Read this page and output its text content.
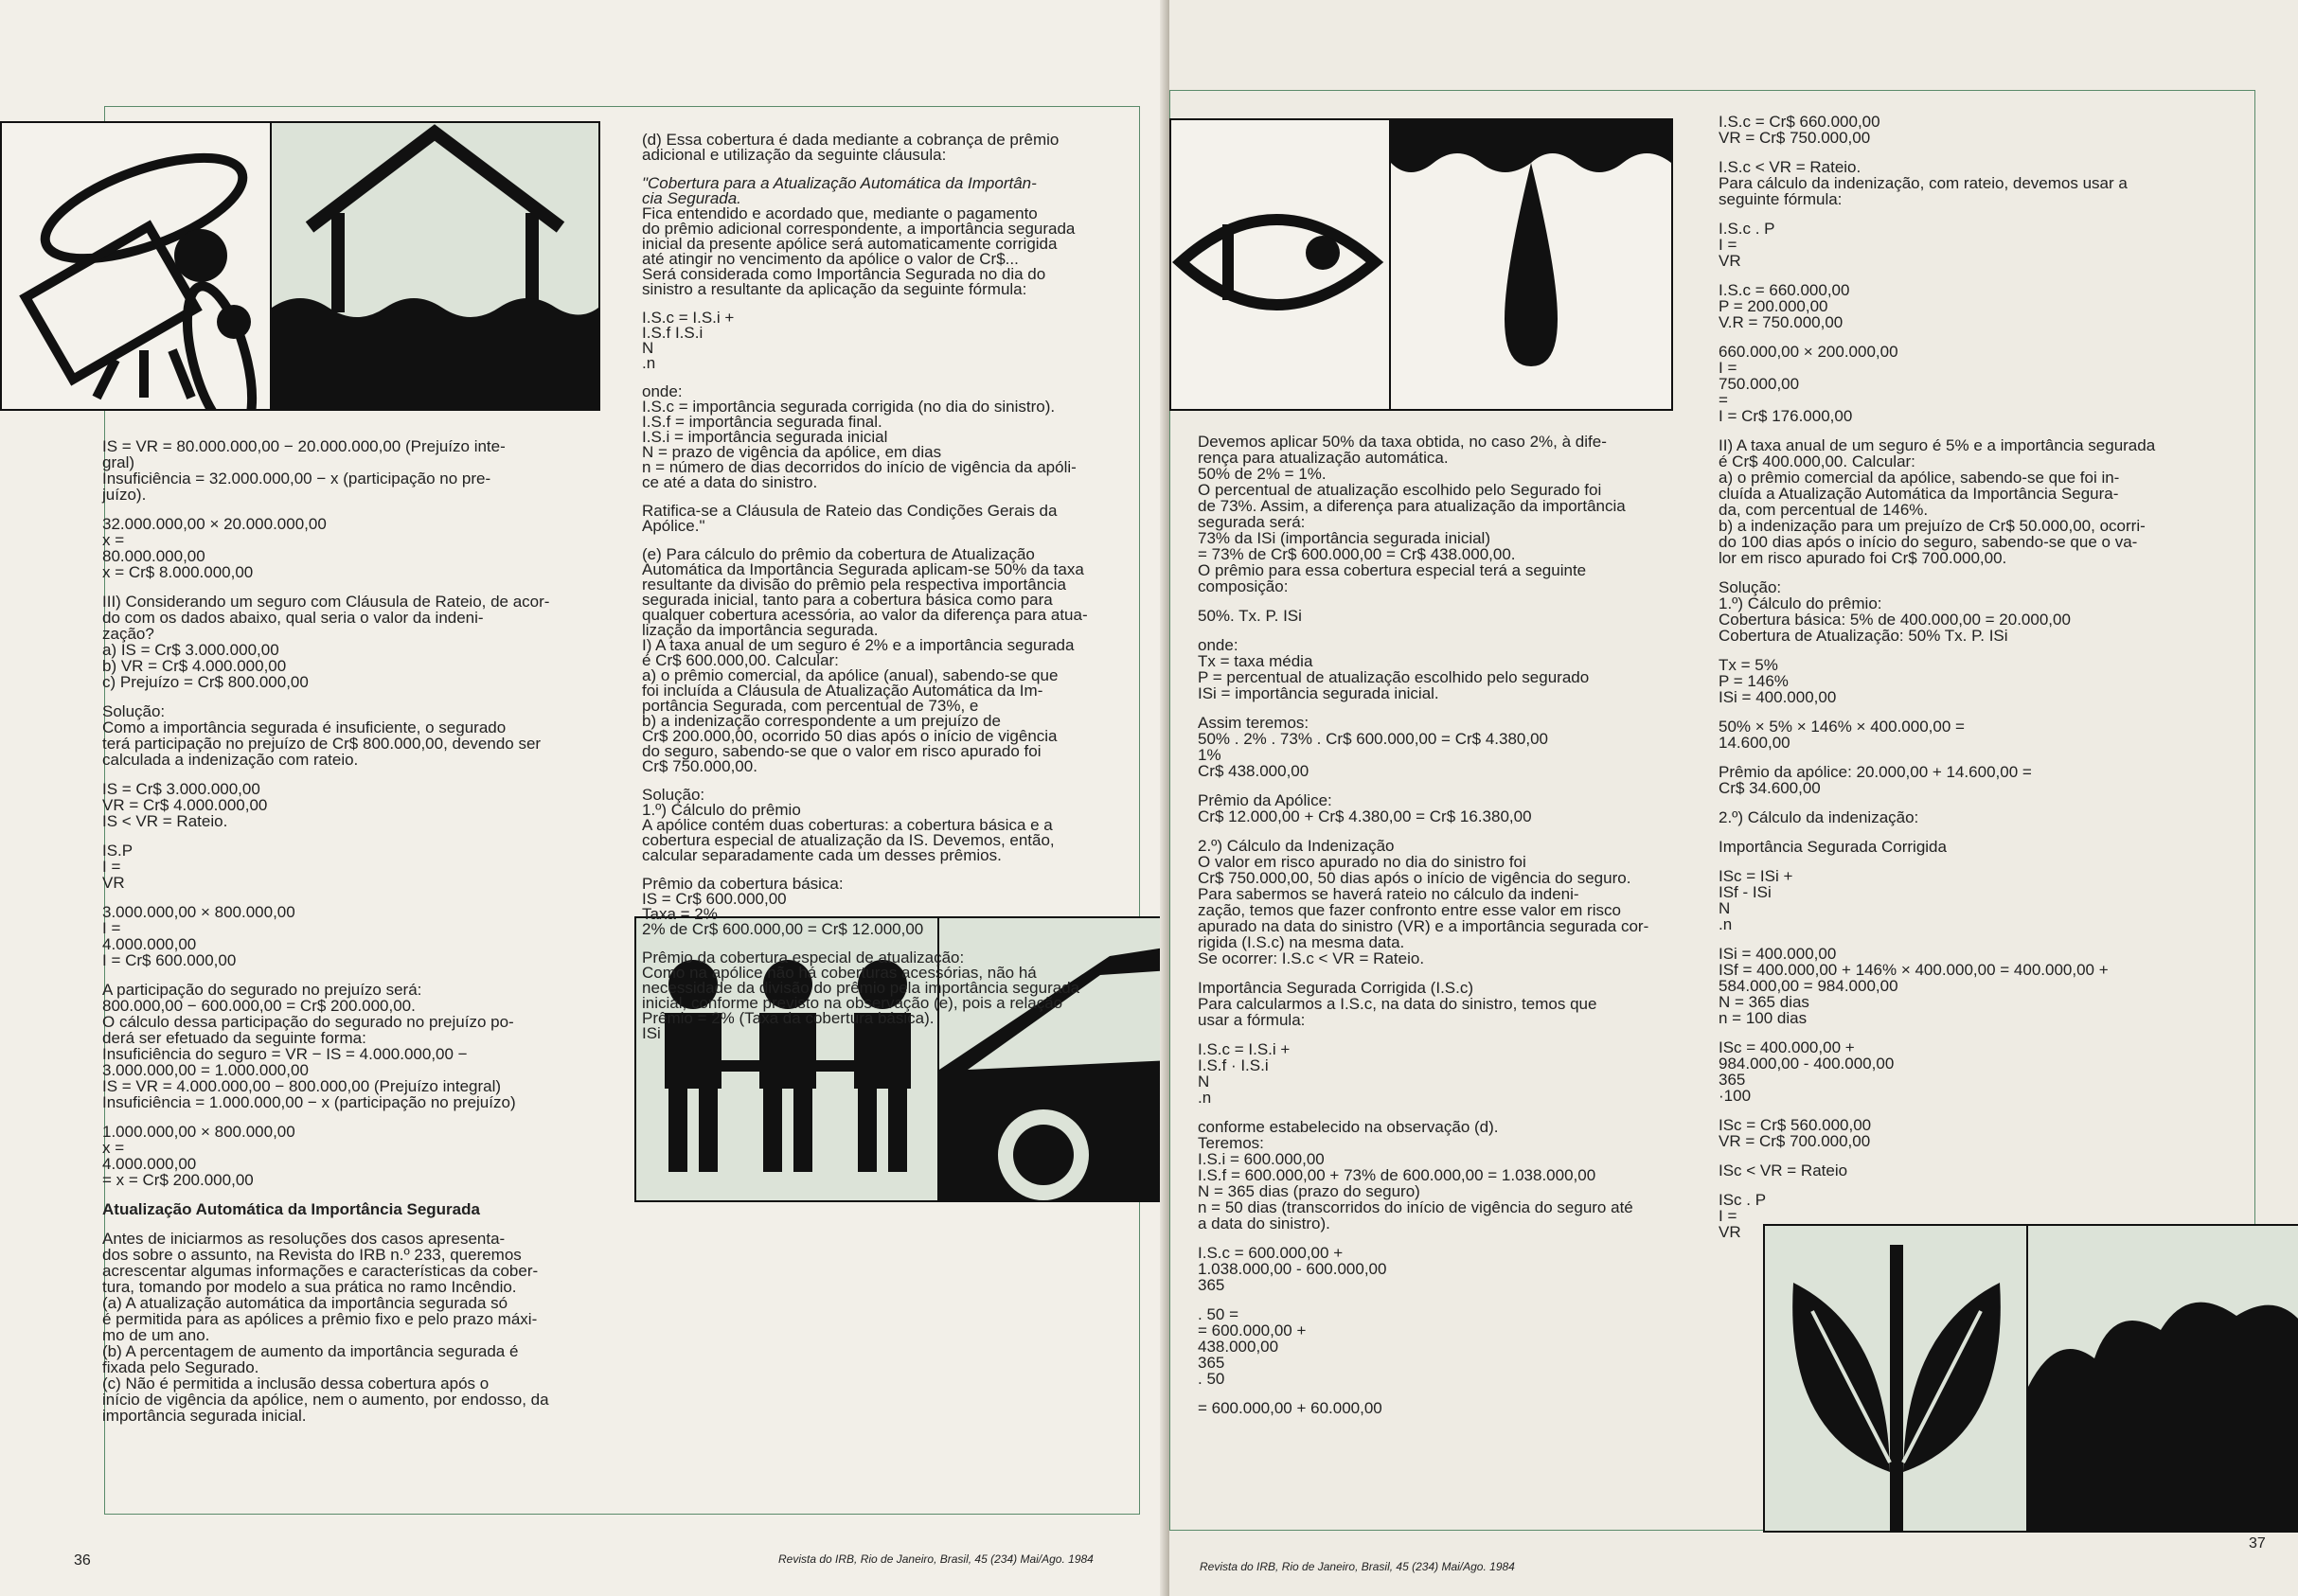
IS = VR = 80.000.000,00 − 20.000.000,00 (Prejuízo inte-
gral)
Insuficiência = 32.000.000,00 − x (participação no pre-
juízo).
32.000.000,00 × 20.000.000,00
x =
80.000.000,00
x = Cr$ 8.000.000,00
III) Considerando um seguro com Cláusula de Rateio, de acor-
do com os dados abaixo, qual seria o valor da indeni-
zação?
a) IS = Cr$ 3.000.000,00
b) VR = Cr$ 4.000.000,00
c) Prejuízo = Cr$ 800.000,00
Solução:
Como a importância segurada é insuficiente, o segurado
terá participação no prejuízo de Cr$ 800.000,00, devendo ser
calculada a indenização com rateio.
IS = Cr$ 3.000.000,00
VR = Cr$ 4.000.000,00
IS < VR = Rateio.
IS.P
I =
VR
3.000.000,00 × 800.000,00
I =
4.000.000,00
I = Cr$ 600.000,00
A participação do segurado no prejuízo será:
800.000,00 − 600.000,00 = Cr$ 200.000,00.
O cálculo dessa participação do segurado no prejuízo po-
derá ser efetuado da seguinte forma:
Insuficiência do seguro = VR − IS = 4.000.000,00 −
3.000.000,00 = 1.000.000,00
IS = VR = 4.000.000,00 − 800.000,00 (Prejuízo integral)
Insuficiência = 1.000.000,00 − x (participação no prejuízo)
1.000.000,00 × 800.000,00
x =
4.000.000,00
= x = Cr$ 200.000,00
Atualização Automática da Importância Segurada
Antes de iniciarmos as resoluções dos casos apresenta-
dos sobre o assunto, na Revista do IRB n.º 233, queremos
acrescentar algumas informações e características da cober-
tura, tomando por modelo a sua prática no ramo Incêndio.
(a) A atualização automática da importância segurada só
é permitida para as apólices a prêmio fixo e pelo prazo máxi-
mo de um ano.
(b) A percentagem de aumento da importância segurada é
fixada pelo Segurado.
(c) Não é permitida a inclusão dessa cobertura após o
início de vigência da apólice, nem o aumento, por endosso, da
importância segurada inicial.
(d) Essa cobertura é dada mediante a cobrança de prêmio
adicional e utilização da seguinte cláusula:
"Cobertura para a Atualização Automática da Importân-
cia Segurada.
Fica entendido e acordado que, mediante o pagamento
do prêmio adicional correspondente, a importância segurada
inicial da presente apólice será automaticamente corrigida
até atingir no vencimento da apólice o valor de Cr$...
Será considerada como Importância Segurada no dia do
sinistro a resultante da aplicação da seguinte fórmula:
I.S.c = I.S.i +
I.S.f I.S.i
N
.n
onde:
I.S.c = importância segurada corrigida (no dia do sinistro).
I.S.f = importância segurada final.
I.S.i = importância segurada inicial
N = prazo de vigência da apólice, em dias
n = número de dias decorridos do início de vigência da apóli-
ce até a data do sinistro.
Ratifica-se a Cláusula de Rateio das Condições Gerais da
Apólice."
(e) Para cálculo do prêmio da cobertura de Atualização
Automática da Importância Segurada aplicam-se 50% da taxa
resultante da divisão do prêmio pela respectiva importância
segurada inicial, tanto para a cobertura básica como para
qualquer cobertura acessória, ao valor da diferença para atua-
lização da importância segurada.
I) A taxa anual de um seguro é 2% e a importância segurada
é Cr$ 600.000,00. Calcular:
a) o prêmio comercial, da apólice (anual), sabendo-se que
foi incluída a Cláusula de Atualização Automática da Im-
portância Segurada, com percentual de 73%, e
b) a indenização correspondente a um prejuízo de
Cr$ 200.000,00, ocorrido 50 dias após o início de vigência
do seguro, sabendo-se que o valor em risco apurado foi
Cr$ 750.000,00.
Solução:
1.º) Cálculo do prêmio
A apólice contém duas coberturas: a cobertura básica e a
cobertura especial de atualização da IS. Devemos, então,
calcular separadamente cada um desses prêmios.
Prêmio da cobertura básica:
IS = Cr$ 600.000,00
Taxa = 2%
2% de Cr$ 600.000,00 = Cr$ 12.000,00
Prêmio da cobertura especial de atualização:
Como na apólice não há coberturas acessórias, não há
necessidade da divisão do prêmio pela importância segurada
inicial, conforme previsto na observação (e), pois a relação
Prêmio = 2% (Taxa da cobertura básica).
ISi
36	Revista do IRB, Rio de Janeiro, Brasil, 45 (234) Mai/Ago. 1984
Devemos aplicar 50% da taxa obtida, no caso 2%, à dife-
rença para atualização automática.
50% de 2% = 1%.
O percentual de atualização escolhido pelo Segurado foi
de 73%. Assim, a diferença para atualização da importância
segurada será:
73% da ISi (importância segurada inicial)
= 73% de Cr$ 600.000,00 = Cr$ 438.000,00.
O prêmio para essa cobertura especial terá a seguinte
composição:
50%. Tx. P. ISi
onde:
Tx = taxa média
P = percentual de atualização escolhido pelo segurado
ISi = importância segurada inicial.
Assim teremos:
50% . 2% . 73% . Cr$ 600.000,00 = Cr$ 4.380,00
1%
Cr$ 438.000,00
Prêmio da Apólice:
Cr$ 12.000,00 + Cr$ 4.380,00 = Cr$ 16.380,00
2.º) Cálculo da Indenização
O valor em risco apurado no dia do sinistro foi
Cr$ 750.000,00, 50 dias após o início de vigência do seguro.
Para sabermos se haverá rateio no cálculo da indeni-
zação, temos que fazer confronto entre esse valor em risco
apurado na data do sinistro (VR) e a importância segurada cor-
rigida (I.S.c) na mesma data.
Se ocorrer: I.S.c < VR = Rateio.
Importância Segurada Corrigida (I.S.c)
Para calcularmos a I.S.c, na data do sinistro, temos que
usar a fórmula:
I.S.c = I.S.i +
I.S.f · I.S.i
N
.n
conforme estabelecido na observação (d).
Teremos:
I.S.i = 600.000,00
I.S.f = 600.000,00 + 73% de 600.000,00 = 1.038.000,00
N = 365 dias (prazo do seguro)
n = 50 dias (transcorridos do início de vigência do seguro até
a data do sinistro).
I.S.c = 600.000,00 +
1.038.000,00 - 600.000,00
365
. 50 =
= 600.000,00 +
438.000,00
365
. 50
= 600.000,00 + 60.000,00
I.S.c = Cr$ 660.000,00
VR = Cr$ 750.000,00
I.S.c < VR = Rateio.
Para cálculo da indenização, com rateio, devemos usar a
seguinte fórmula:
I.S.c . P
I =
VR
I.S.c = 660.000,00
P = 200.000,00
V.R = 750.000,00
660.000,00 × 200.000,00
I =
750.000,00
=
I = Cr$ 176.000,00
II) A taxa anual de um seguro é 5% e a importância segurada
é Cr$ 400.000,00. Calcular:
a) o prêmio comercial da apólice, sabendo-se que foi in-
cluída a Atualização Automática da Importância Segura-
da, com percentual de 146%.
b) a indenização para um prejuízo de Cr$ 50.000,00, ocorri-
do 100 dias após o início do seguro, sabendo-se que o va-
lor em risco apurado foi Cr$ 700.000,00.
Solução:
1.º) Cálculo do prêmio:
Cobertura básica: 5% de 400.000,00 = 20.000,00
Cobertura de Atualização: 50% Tx. P. ISi
Tx = 5%
P = 146%
ISi = 400.000,00
50% × 5% × 146% × 400.000,00 =
14.600,00
Prêmio da apólice: 20.000,00 + 14.600,00 =
Cr$ 34.600,00
2.º) Cálculo da indenização:
Importância Segurada Corrigida
ISc = ISi +
ISf - ISi
N
.n
ISi = 400.000,00
ISf = 400.000,00 + 146% × 400.000,00 = 400.000,00 +
584.000,00 = 984.000,00
N = 365 dias
n = 100 dias
ISc = 400.000,00 +
984.000,00 - 400.000,00
365
·100
ISc = Cr$ 560.000,00
VR = Cr$ 700.000,00
ISc < VR = Rateio
ISc . P
I =
VR
37
Revista do IRB, Rio de Janeiro, Brasil, 45 (234) Mai/Ago. 1984
